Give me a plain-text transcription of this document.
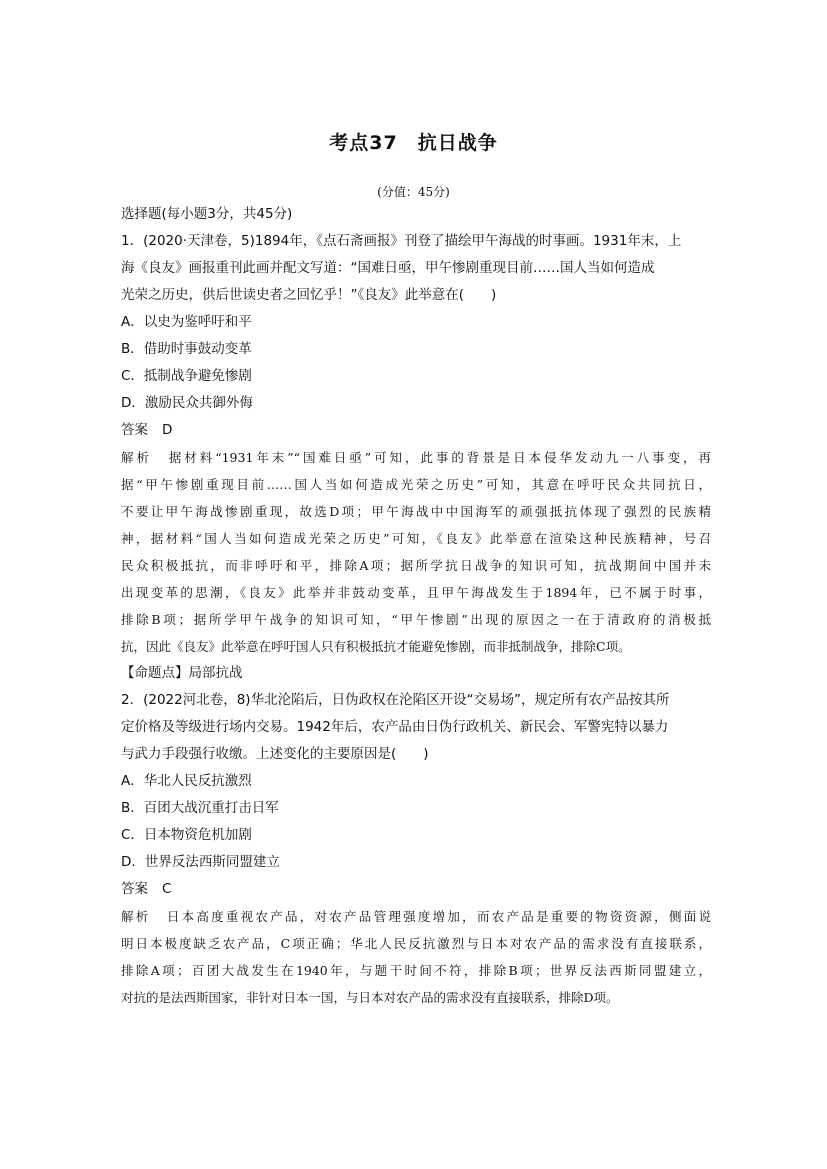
考点37　抗日战争
(分值：45分)
选择题(每小题3分，共45分)
1．(2020·天津卷，5)1894年，《点石斋画报》刊登了描绘甲午海战的时事画。1931年末，上
海《良友》画报重刊此画并配文写道：“国难日亟，甲午惨剧重现目前……国人当如何造成
光荣之历史，供后世读史者之回忆乎！”《良友》此举意在(　　)
A．以史为鉴呼吁和平
B．借助时事鼓动变革
C．抵制战争避免惨剧
D．激励民众共御外侮
答案 D
解析 据材料“1931年末”“国难日亟”可知，此事的背景是日本侵华发动九一八事变，再
据“甲午惨剧重现目前……国人当如何造成光荣之历史”可知，其意在呼吁民众共同抗日，
不要让甲午海战惨剧重现，故选D项；甲午海战中中国海军的顽强抵抗体现了强烈的民族精
神，据材料“国人当如何造成光荣之历史”可知，《良友》此举意在渲染这种民族精神，号召
民众积极抵抗，而非呼吁和平，排除A项；据所学抗日战争的知识可知，抗战期间中国并未
出现变革的思潮，《良友》此举并非鼓动变革，且甲午海战发生于1894年，已不属于时事，
排除B项；据所学甲午战争的知识可知，“甲午惨剧”出现的原因之一在于清政府的消极抵
抗，因此《良友》此举意在呼吁国人只有积极抵抗才能避免惨剧，而非抵制战争，排除C项。
【命题点】局部抗战
2．(2022河北卷，8)华北沦陷后，日伪政权在沦陷区开设“交易场”，规定所有农产品按其所
定价格及等级进行场内交易。1942年后，农产品由日伪行政机关、新民会、军警宪特以暴力
与武力手段强行收缴。上述变化的主要原因是(　　)
A．华北人民反抗激烈
B．百团大战沉重打击日军
C．日本物资危机加剧
D．世界反法西斯同盟建立
答案 C
解析 日本高度重视农产品，对农产品管理强度增加，而农产品是重要的物资资源，侧面说
明日本极度缺乏农产品，C项正确；华北人民反抗激烈与日本对农产品的需求没有直接联系，
排除A项；百团大战发生在1940年，与题干时间不符，排除B项；世界反法西斯同盟建立，
对抗的是法西斯国家，非针对日本一国，与日本对农产品的需求没有直接联系，排除D项。
